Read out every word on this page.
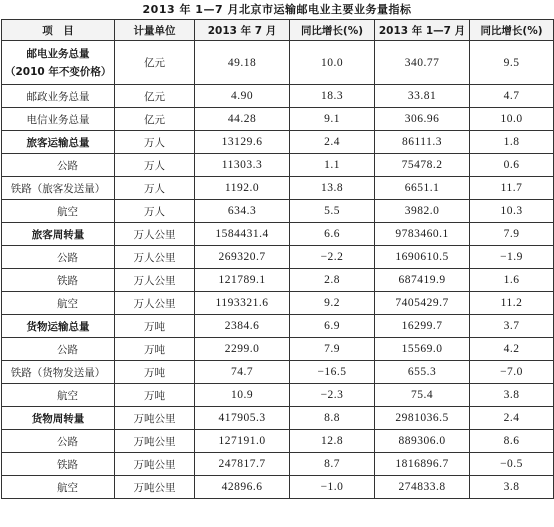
2013 年 1—7 月北京市运输邮电业主要业务量指标
项　目	计量单位	2013 年 7 月	同比增长(%)	2013 年 1—7 月	同比增长(%)

邮电业务总量
（2010 年不变价格）	亿元	49.18	10.0	340.77	9.5
邮政业务总量	亿元	4.90	18.3	33.81	4.7
电信业务总量	亿元	44.28	9.1	306.96	10.0
旅客运输总量	万人	13129.6	2.4	86111.3	1.8
公路	万人	11303.3	1.1	75478.2	0.6
铁路（旅客发送量）	万人	1192.0	13.8	6651.1	11.7
航空	万人	634.3	5.5	3982.0	10.3
旅客周转量	万人公里	1584431.4	6.6	9783460.1	7.9
公路	万人公里	269320.7	−2.2	1690610.5	−1.9
铁路	万人公里	121789.1	2.8	687419.9	1.6
航空	万人公里	1193321.6	9.2	7405429.7	11.2
货物运输总量	万吨	2384.6	6.9	16299.7	3.7
公路	万吨	2299.0	7.9	15569.0	4.2
铁路（货物发送量）	万吨	74.7	−16.5	655.3	−7.0
航空	万吨	10.9	−2.3	75.4	3.8
货物周转量	万吨公里	417905.3	8.8	2981036.5	2.4
公路	万吨公里	127191.0	12.8	889306.0	8.6
铁路	万吨公里	247817.7	8.7	1816896.7	−0.5
航空	万吨公里	42896.6	−1.0	274833.8	3.8
